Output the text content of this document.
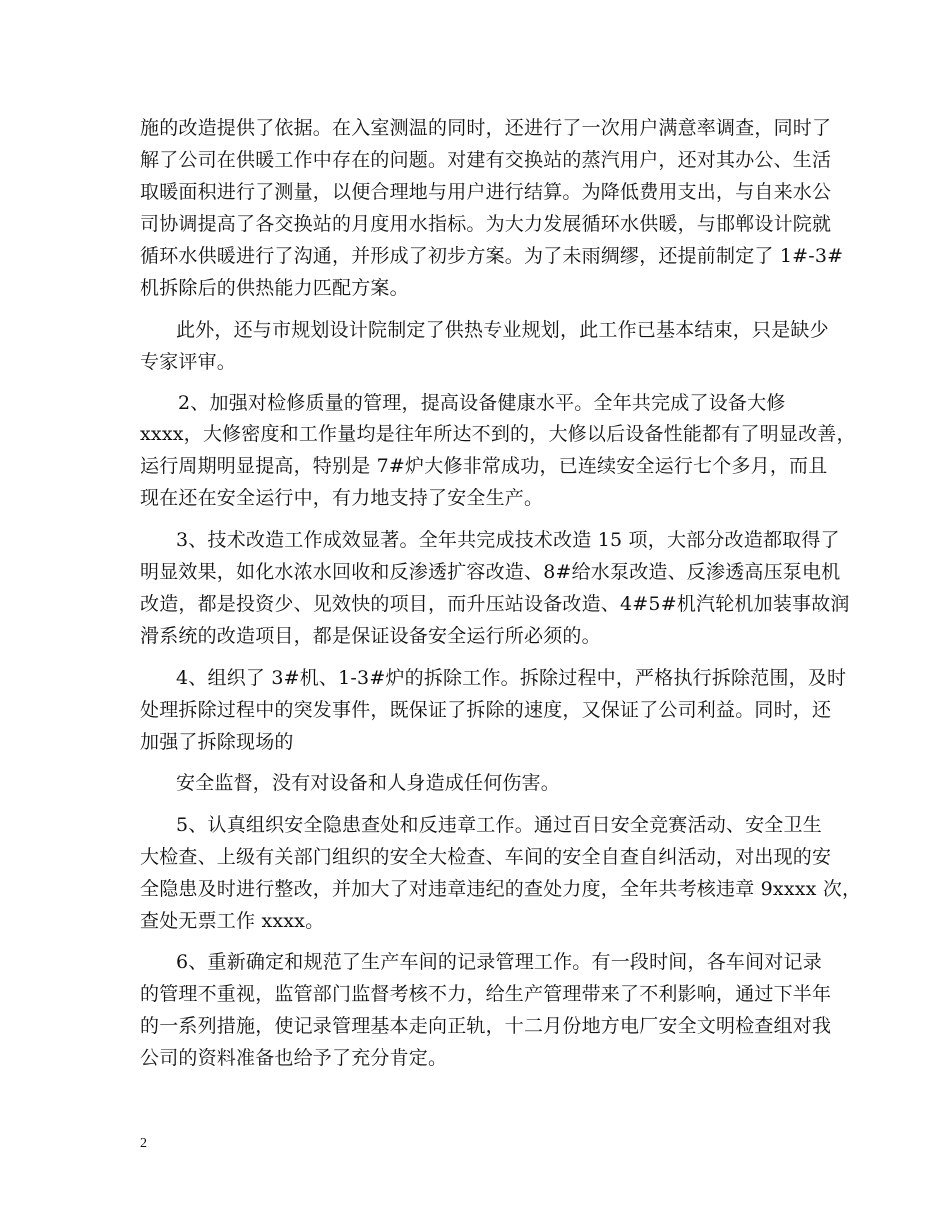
施的改造提供了依据。在入室测温的同时，还进行了一次用户满意率调查，同时了
解了公司在供暖工作中存在的问题。对建有交换站的蒸汽用户，还对其办公、生活
取暖面积进行了测量，以便合理地与用户进行结算。为降低费用支出，与自来水公
司协调提高了各交换站的月度用水指标。为大力发展循环水供暖，与邯郸设计院就
循环水供暖进行了沟通，并形成了初步方案。为了未雨绸缪，还提前制定了 1#-3#
机拆除后的供热能力匹配方案。
此外，还与市规划设计院制定了供热专业规划，此工作已基本结束，只是缺少
专家评审。
2、加强对检修质量的管理，提高设备健康水平。全年共完成了设备大修
xxxx，大修密度和工作量均是往年所达不到的，大修以后设备性能都有了明显改善，
运行周期明显提高，特别是 7#炉大修非常成功，已连续安全运行七个多月，而且
现在还在安全运行中，有力地支持了安全生产。
3、技术改造工作成效显著。全年共完成技术改造 15 项，大部分改造都取得了
明显效果，如化水浓水回收和反渗透扩容改造、8#给水泵改造、反渗透高压泵电机
改造，都是投资少、见效快的项目，而升压站设备改造、4#5#机汽轮机加装事故润
滑系统的改造项目，都是保证设备安全运行所必须的。
4、组织了 3#机、1-3#炉的拆除工作。拆除过程中，严格执行拆除范围，及时
处理拆除过程中的突发事件，既保证了拆除的速度，又保证了公司利益。同时，还
加强了拆除现场的
安全监督，没有对设备和人身造成任何伤害。
5、认真组织安全隐患查处和反违章工作。通过百日安全竞赛活动、安全卫生
大检查、上级有关部门组织的安全大检查、车间的安全自查自纠活动，对出现的安
全隐患及时进行整改，并加大了对违章违纪的查处力度，全年共考核违章 9xxxx 次，
查处无票工作 xxxx。
6、重新确定和规范了生产车间的记录管理工作。有一段时间，各车间对记录
的管理不重视，监管部门监督考核不力，给生产管理带来了不利影响，通过下半年
的一系列措施，使记录管理基本走向正轨，十二月份地方电厂安全文明检查组对我
公司的资料准备也给予了充分肯定。
2
